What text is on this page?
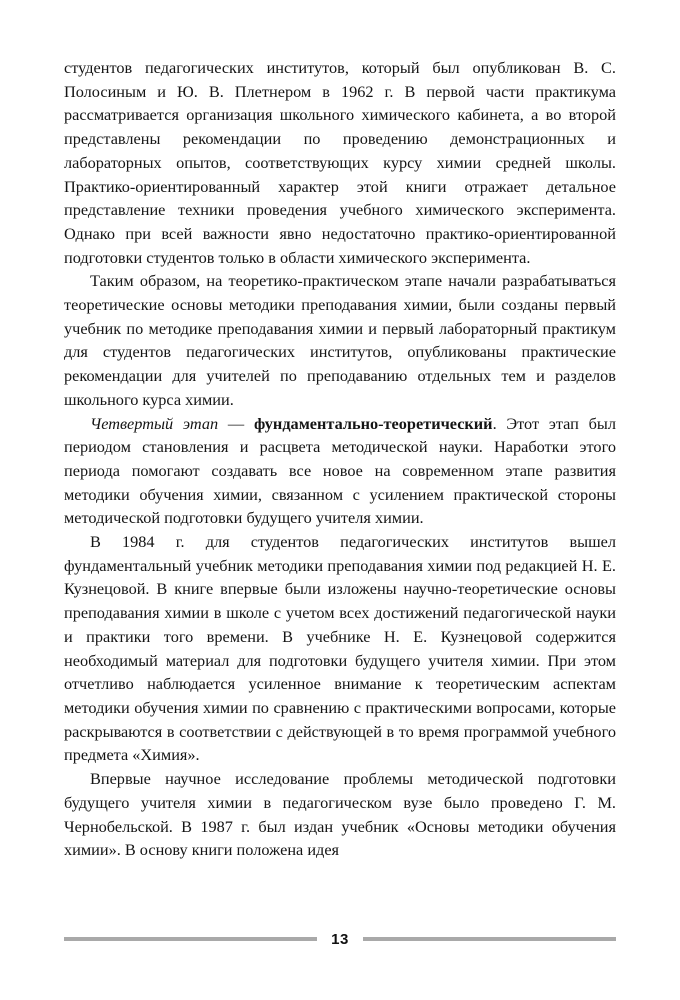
студентов педагогических институтов, который был опубликован В. С. Полосиным и Ю. В. Плетнером в 1962 г. В первой части практикума рассматривается организация школьного химического кабинета, а во второй представлены рекомендации по проведению демонстрационных и лабораторных опытов, соответствующих курсу химии средней школы. Практико-ориентированный характер этой книги отражает детальное представление техники проведения учебного химического эксперимента. Однако при всей важности явно недостаточно практико-ориентированной подготовки студентов только в области химического эксперимента.

Таким образом, на теоретико-практическом этапе начали разрабатываться теоретические основы методики преподавания химии, были созданы первый учебник по методике преподавания химии и первый лабораторный практикум для студентов педагогических институтов, опубликованы практические рекомендации для учителей по преподаванию отдельных тем и разделов школьного курса химии.

Четвертый этап — фундаментально-теоретический. Этот этап был периодом становления и расцвета методической науки. Наработки этого периода помогают создавать все новое на современном этапе развития методики обучения химии, связанном с усилением практической стороны методической подготовки будущего учителя химии.

В 1984 г. для студентов педагогических институтов вышел фундаментальный учебник методики преподавания химии под редакцией Н. Е. Кузнецовой. В книге впервые были изложены научно-теоретические основы преподавания химии в школе с учетом всех достижений педагогической науки и практики того времени. В учебнике Н. Е. Кузнецовой содержится необходимый материал для подготовки будущего учителя химии. При этом отчетливо наблюдается усиленное внимание к теоретическим аспектам методики обучения химии по сравнению с практическими вопросами, которые раскрываются в соответствии с действующей в то время программой учебного предмета «Химия».

Впервые научное исследование проблемы методической подготовки будущего учителя химии в педагогическом вузе было проведено Г. М. Чернобельской. В 1987 г. был издан учебник «Основы методики обучения химии». В основу книги положена идея

13
